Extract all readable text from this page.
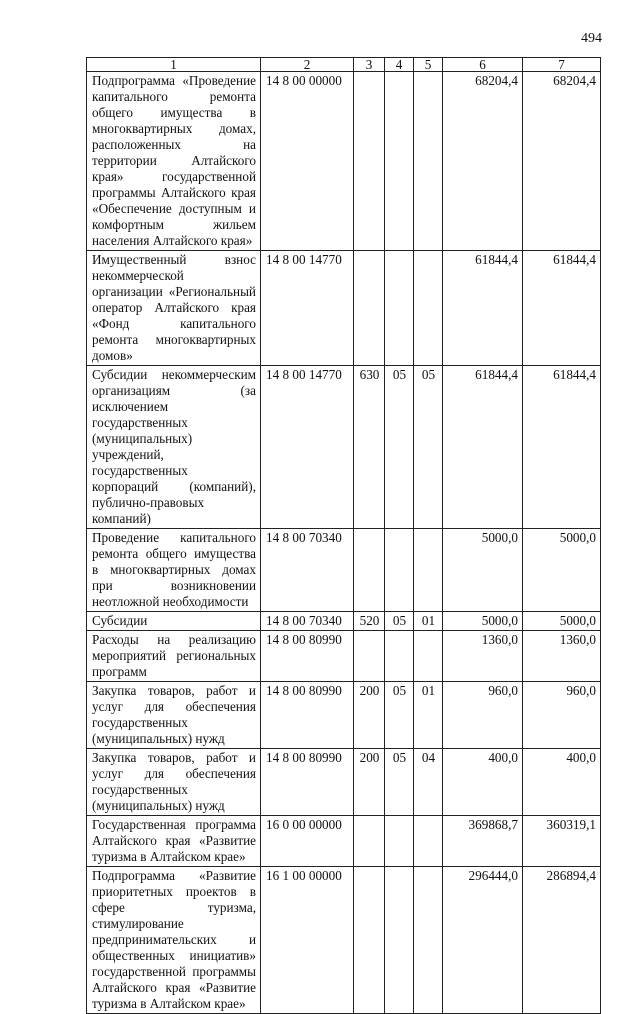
494
1	2	3	4	5	6	7
Подпрограмма «Проведение капитального ремонта общего имущества в многоквартирных домах, расположенных на территории Алтайского края» государственной программы Алтайского края «Обеспечение доступным и комфортным жильем населения Алтайского края»	14 8 00 00000				68204,4	68204,4
Имущественный взнос некоммерческой организации «Региональный оператор Алтайского края «Фонд капитального ремонта многоквартирных домов»	14 8 00 14770				61844,4	61844,4
Субсидии некоммерческим организациям (за исключением государственных (муниципальных) учреждений, государственных корпораций (компаний), публично-правовых компаний)	14 8 00 14770	630	05	05	61844,4	61844,4
Проведение капитального ремонта общего имущества в многоквартирных домах при возникновении неотложной необходимости	14 8 00 70340				5000,0	5000,0
Субсидии	14 8 00 70340	520	05	01	5000,0	5000,0
Расходы на реализацию мероприятий региональных программ	14 8 00 80990				1360,0	1360,0
Закупка товаров, работ и услуг для обеспечения государственных (муниципальных) нужд	14 8 00 80990	200	05	01	960,0	960,0
Закупка товаров, работ и услуг для обеспечения государственных (муниципальных) нужд	14 8 00 80990	200	05	04	400,0	400,0
Государственная программа Алтайского края «Развитие туризма в Алтайском крае»	16 0 00 00000				369868,7	360319,1
Подпрограмма «Развитие приоритетных проектов в сфере туризма, стимулирование предпринимательских и общественных инициатив» государственной программы Алтайского края «Развитие туризма в Алтайском крае»	16 1 00 00000				296444,0	286894,4
